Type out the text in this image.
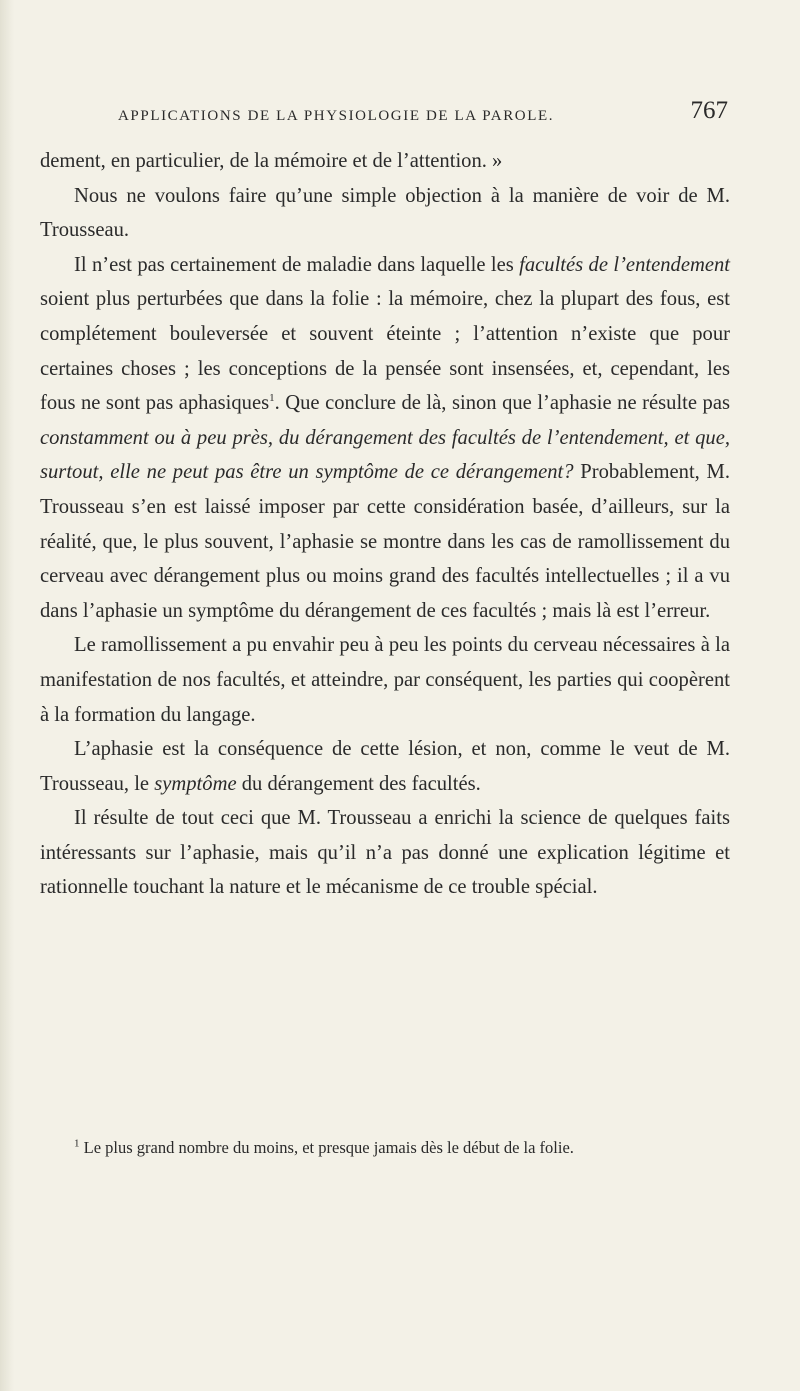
APPLICATIONS DE LA PHYSIOLOGIE DE LA PAROLE.	767

dement, en particulier, de la mémoire et de l’attention. »

Nous ne voulons faire qu’une simple objection à la manière de voir de M. Trousseau.

Il n’est pas certainement de maladie dans laquelle les facultés de l’entendement soient plus perturbées que dans la folie : la mémoire, chez la plupart des fous, est complétement bouleversée et souvent éteinte ; l’attention n’existe que pour certaines choses ; les conceptions de la pensée sont insensées, et, cependant, les fous ne sont pas aphasiques$^1$. Que conclure de là, sinon que l’aphasie ne résulte pas constamment ou à peu près, du dérangement des facultés de l’entendement, et que, surtout, elle ne peut pas être un symptôme de ce dérangement? Probablement, M. Trousseau s’en est laissé imposer par cette considération basée, d’ailleurs, sur la réalité, que, le plus souvent, l’aphasie se montre dans les cas de ramollissement du cerveau avec dérangement plus ou moins grand des facultés intellectuelles ; il a vu dans l’aphasie un symptôme du dérangement de ces facultés ; mais là est l’erreur.

Le ramollissement a pu envahir peu à peu les points du cerveau nécessaires à la manifestation de nos facultés, et atteindre, par conséquent, les parties qui coopèrent à la formation du langage.

L’aphasie est la conséquence de cette lésion, et non, comme le veut de M. Trousseau, le symptôme du dérangement des facultés.

Il résulte de tout ceci que M. Trousseau a enrichi la science de quelques faits intéressants sur l’aphasie, mais qu’il n’a pas donné une explication légitime et rationnelle touchant la nature et le mécanisme de ce trouble spécial.

$^1$ Le plus grand nombre du moins, et presque jamais dès le début de la folie.
